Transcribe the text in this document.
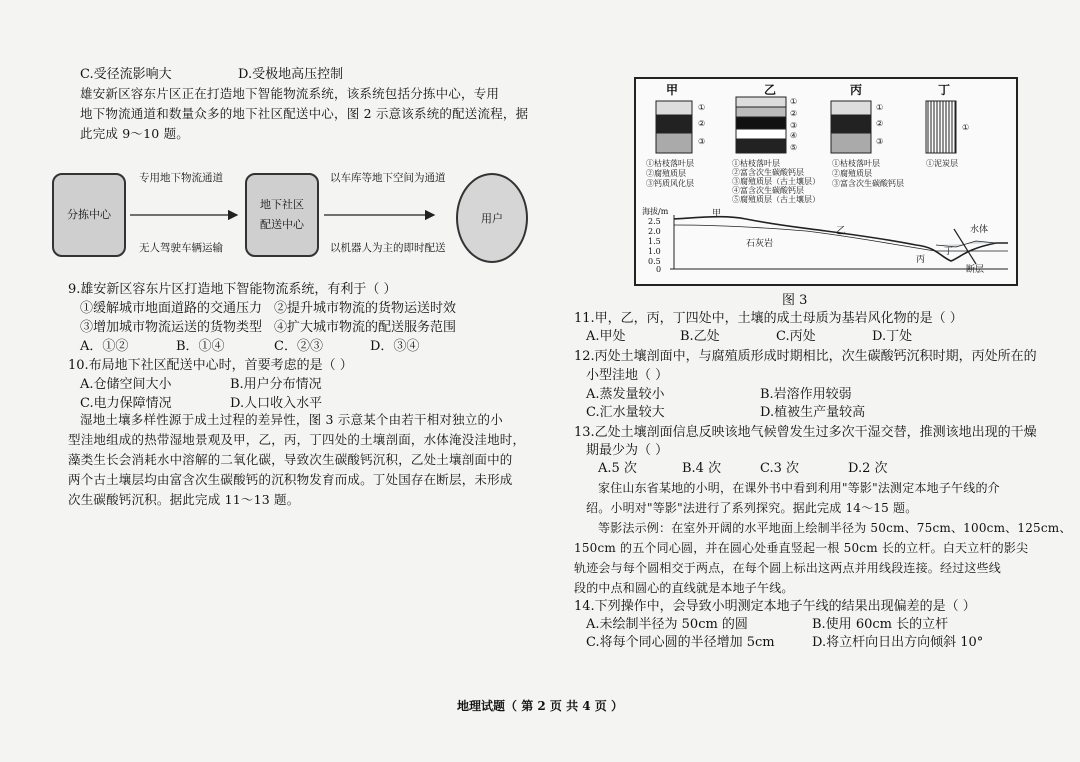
C.受径流影响大	D.受极地高压控制
雄安新区容东片区正在打造地下智能物流系统，该系统包括分拣中心，专用
地下物流通道和数量众多的地下社区配送中心，图 2 示意该系统的配送流程，据
此完成 9～10 题。
分拣中心
地下社区
配送中心	用户
专用地下物流通道
无人驾驶车辆运输
以车库等地下空间为通道
以机器人为主的即时配送
9.雄安新区容东片区打造地下智能物流系统，有利于（ ）
①缓解城市地面道路的交通压力 ②提升城市物流的货物运送时效
③增加城市物流运送的货物类型 ④扩大城市物流的配送服务范围
A．①②	B．①④	C．②③	D．③④
10.布局地下社区配送中心时，首要考虑的是（ ）
A.仓储空间大小	B.用户分布情况
C.电力保障情况	D.人口收入水平
湿地土壤多样性源于成土过程的差异性，图 3 示意某个由若干相对独立的小
型洼地组成的热带湿地景观及甲，乙，丙，丁四处的土壤剖面，水体淹没洼地时，
藻类生长会消耗水中溶解的二氧化碳，导致次生碳酸钙沉积，乙处土壤剖面中的
两个古土壤层均由富含次生碳酸钙的沉积物发育而成。丁处国存在断层，未形成
次生碳酸钙沉积。据此完成 11～13 题。
甲	乙	丙	丁
①
②
③
①
②
③
④
⑤
①
②
③
①
①枯枝落叶层
②腐殖质层
③钙质风化层
①枯枝落叶层
②富含次生碳酸钙层
③腐殖质层（古土壤层）
④富含次生碳酸钙层
⑤腐殖质层（古土壤层）
①枯枝落叶层
②腐殖质层
③富含次生碳酸钙层
①泥炭层
海拔/m
2.5
2.0
1.5
1.0
0.5
0
甲
乙
丙
丁
石灰岩
水体
断层
图 3
11.甲，乙，丙，丁四处中，土壤的成土母质为基岩风化物的是（ ）
A.甲处	B.乙处	C.丙处	D.丁处
12.丙处土壤剖面中，与腐殖质形成时期相比，次生碳酸钙沉积时期，丙处所在的
小型洼地（ ）
A.蒸发量较小	B.岩溶作用较弱
C.汇水量较大	D.植被生产量较高
13.乙处土壤剖面信息反映该地气候曾发生过多次干湿交替，推测该地出现的干燥
期最少为（ ）
A.5 次	B.4 次	C.3 次	D.2 次
家住山东省某地的小明，在课外书中看到利用"等影"法测定本地子午线的介
绍。小明对"等影"法进行了系列探究。据此完成 14～15 题。
等影法示例：在室外开阔的水平地面上绘制半径为 50cm、75cm、100cm、125cm、
150cm 的五个同心圆，并在圆心处垂直竖起一根 50cm 长的立杆。白天立杆的影尖
轨迹会与每个圆相交于两点，在每个圆上标出这两点并用线段连接。经过这些线
段的中点和圆心的直线就是本地子午线。
14.下列操作中，会导致小明测定本地子午线的结果出现偏差的是（ ）
A.未绘制半径为 50cm 的圆	B.使用 60cm 长的立杆
C.将每个同心圆的半径增加 5cm	D.将立杆向日出方向倾斜 10°
地理试题（ 第 2 页 共 4 页 ）
